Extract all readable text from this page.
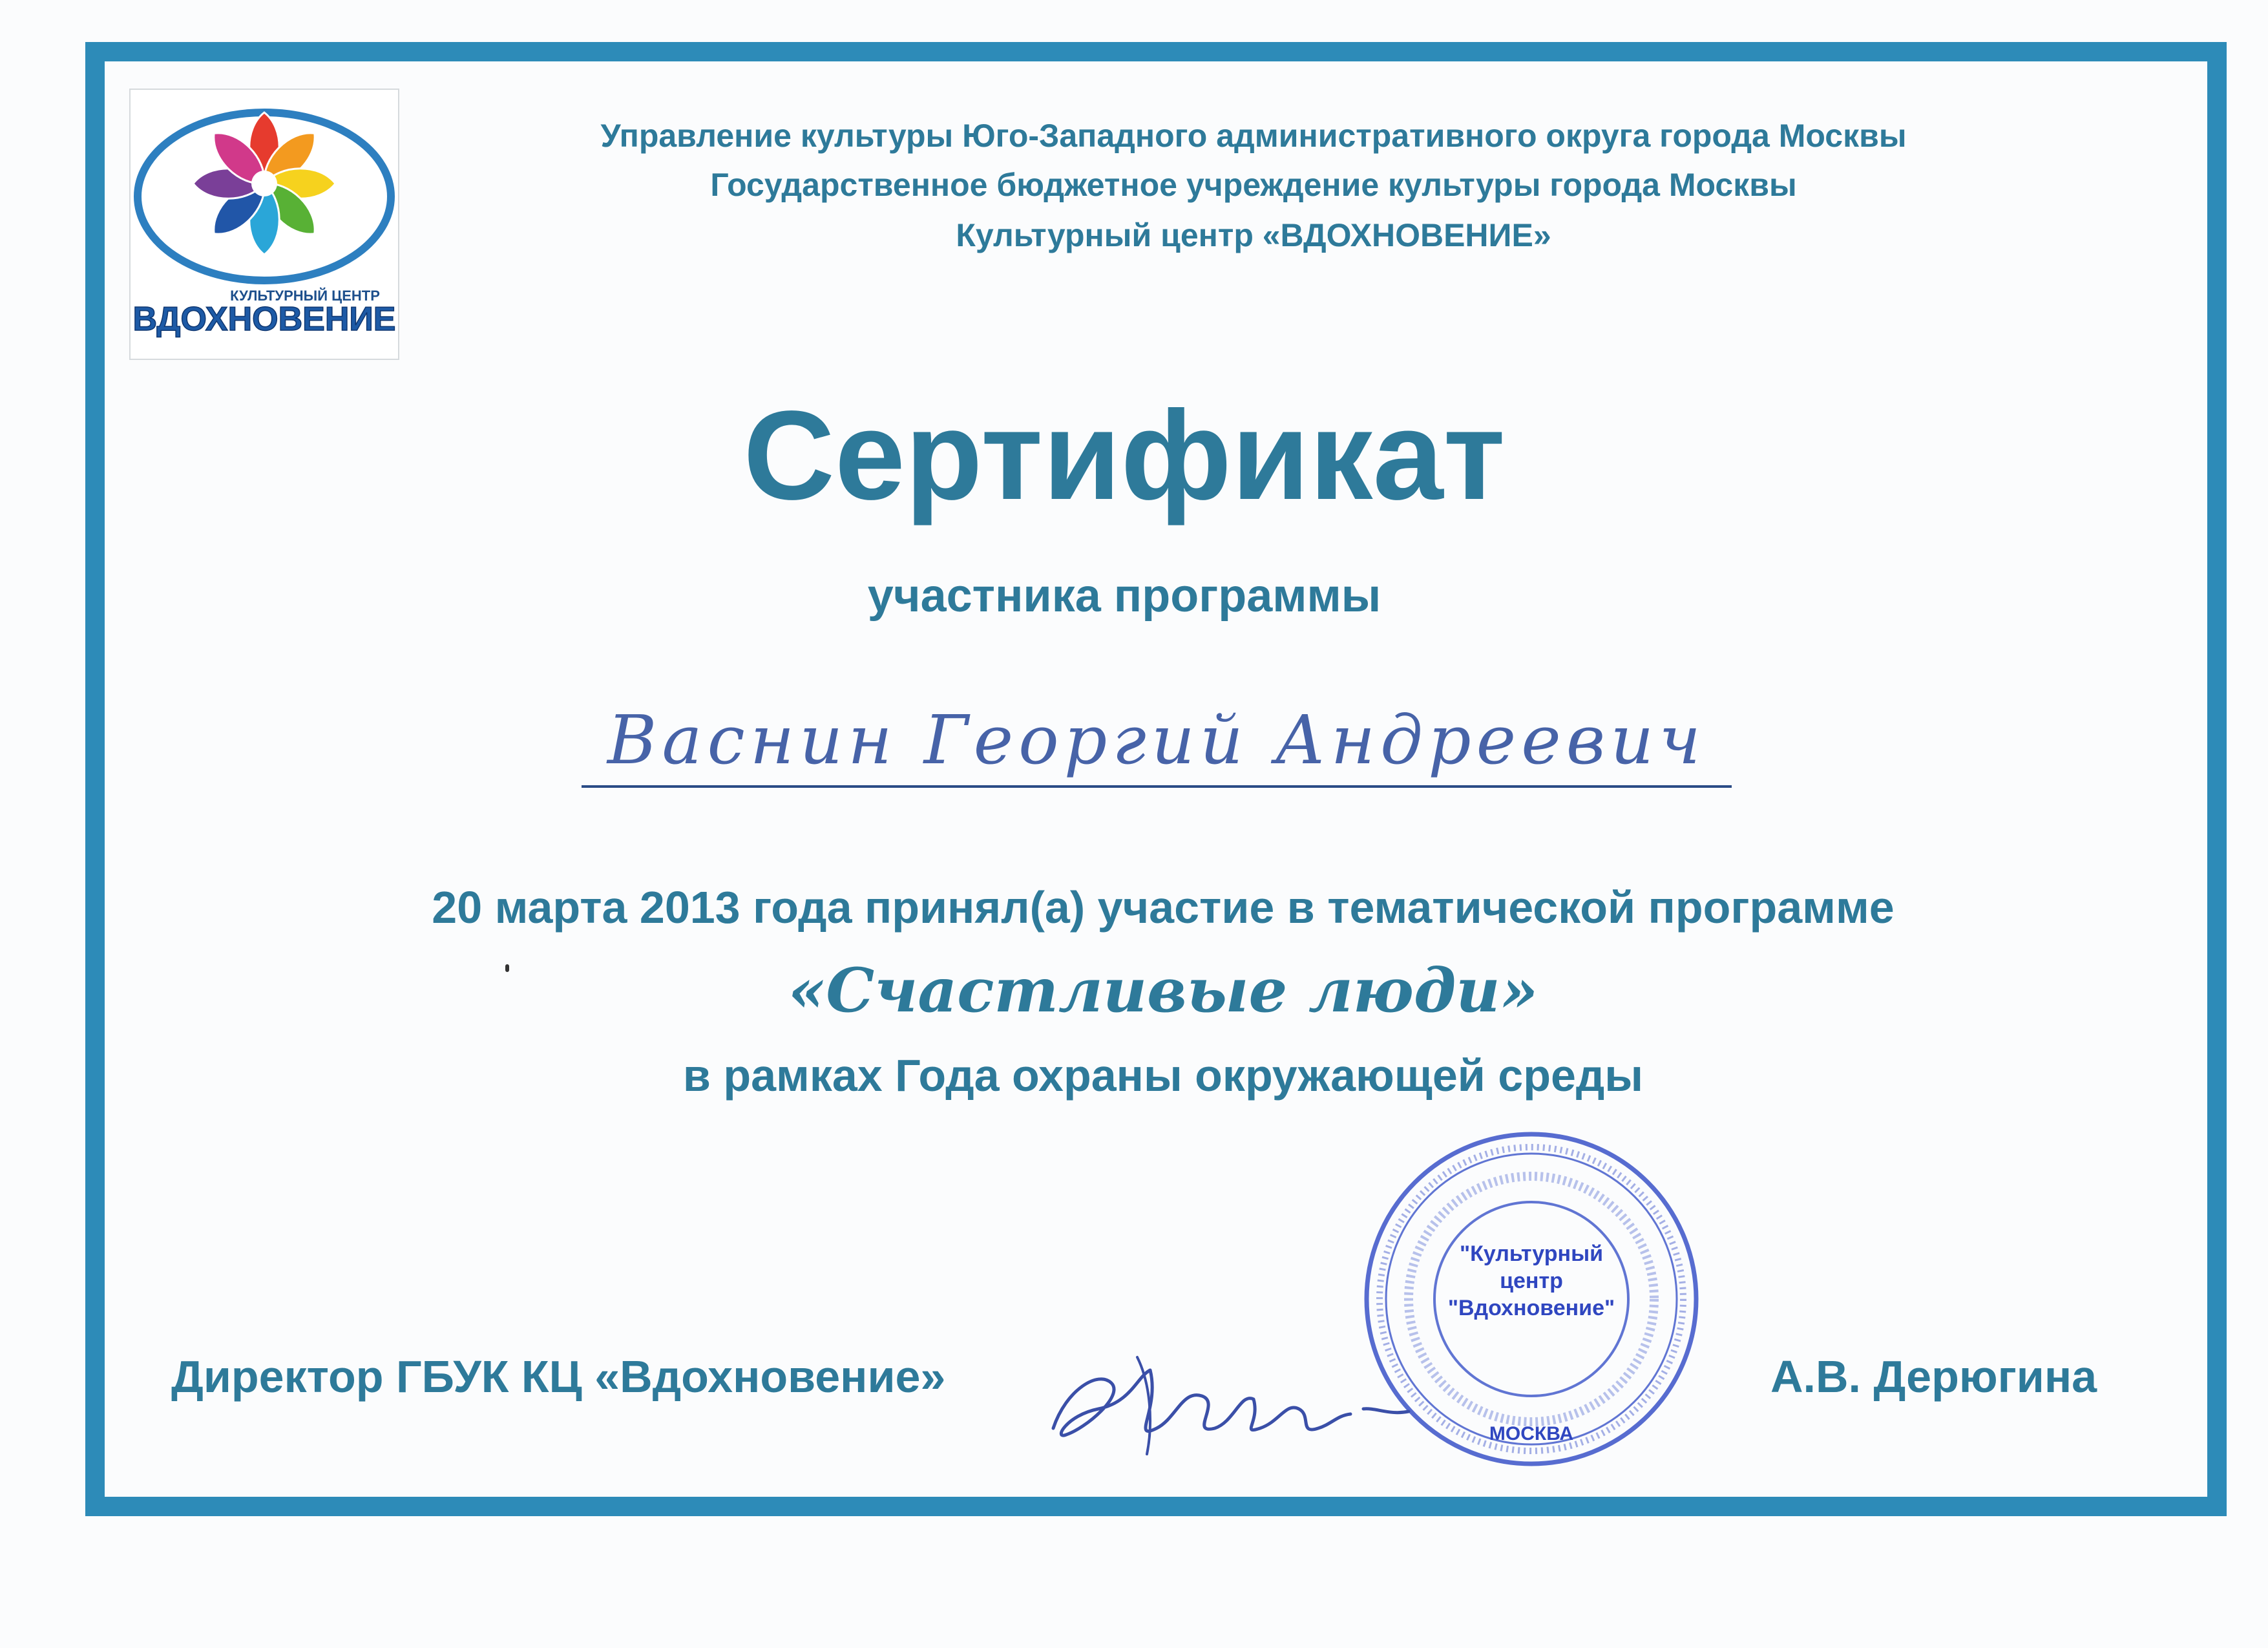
КУЛЬТУРНЫЙ ЦЕНТР
ВДОХНОВЕНИЕ
Управление культуры Юго-Западного административного округа города Москвы
Государственное бюджетное учреждение культуры города Москвы
Культурный центр «ВДОХНОВЕНИЕ»
Сертификат
участника программы
Васнин Георгий Андреевич
20 марта 2013 года принял(а) участие в тематической программе
«Счастливые люди»
в рамках Года охраны окружающей среды
МОСКВА
"Культурный
центр
"Вдохновение"
Директор ГБУК КЦ «Вдохновение»	А.В. Дерюгина
